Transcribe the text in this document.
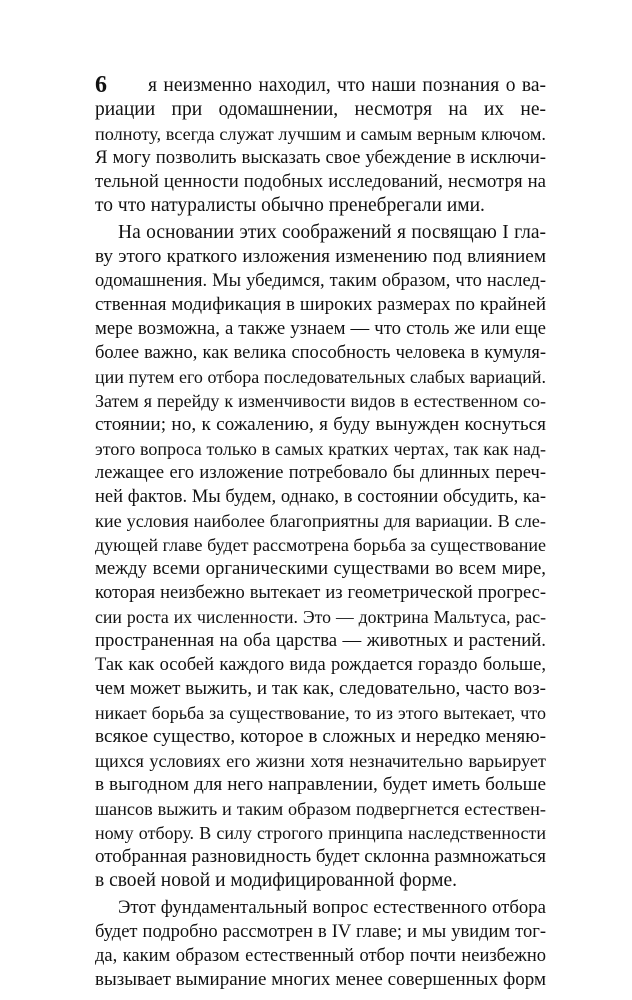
6 я неизменно находил, что наши познания о ва-

риации при одомашнении, несмотря на их не-

полноту, всегда служат лучшим и самым верным ключом.

Я могу позволить высказать свое убеждение в исключи-

тельной ценности подобных исследований, несмотря на

то что натуралисты обычно пренебрегали ими.

На основании этих соображений я посвящаю I гла-

ву этого краткого изложения изменению под влиянием

одомашнения. Мы убедимся, таким образом, что наслед-

ственная модификация в широких размерах по крайней

мере возможна, а также узнаем — что столь же или еще

более важно, как велика способность человека в кумуля-

ции путем его отбора последовательных слабых вариаций.

Затем я перейду к изменчивости видов в естественном со-

стоянии; но, к сожалению, я буду вынужден коснуться

этого вопроса только в самых кратких чертах, так как над-

лежащее его изложение потребовало бы длинных переч-

ней фактов. Мы будем, однако, в состоянии обсудить, ка-

кие условия наиболее благоприятны для вариации. В сле-

дующей главе будет рассмотрена борьба за существование

между всеми органическими существами во всем мире,

которая неизбежно вытекает из геометрической прогрес-

сии роста их численности. Это — доктрина Мальтуса, рас-

пространенная на оба царства — животных и растений.

Так как особей каждого вида рождается гораздо больше,

чем может выжить, и так как, следовательно, часто воз-

никает борьба за существование, то из этого вытекает, что

всякое существо, которое в сложных и нередко меняю-

щихся условиях его жизни хотя незначительно варьирует

в выгодном для него направлении, будет иметь больше

шансов выжить и таким образом подвергнется естествен-

ному отбору. В силу строгого принципа наследственности

отобранная разновидность будет склонна размножаться

в своей новой и модифицированной форме.

Этот фундаментальный вопрос естественного отбора

будет подробно рассмотрен в IV главе; и мы увидим тог-

да, каким образом естественный отбор почти неизбежно

вызывает вымирание многих менее совершенных форм
